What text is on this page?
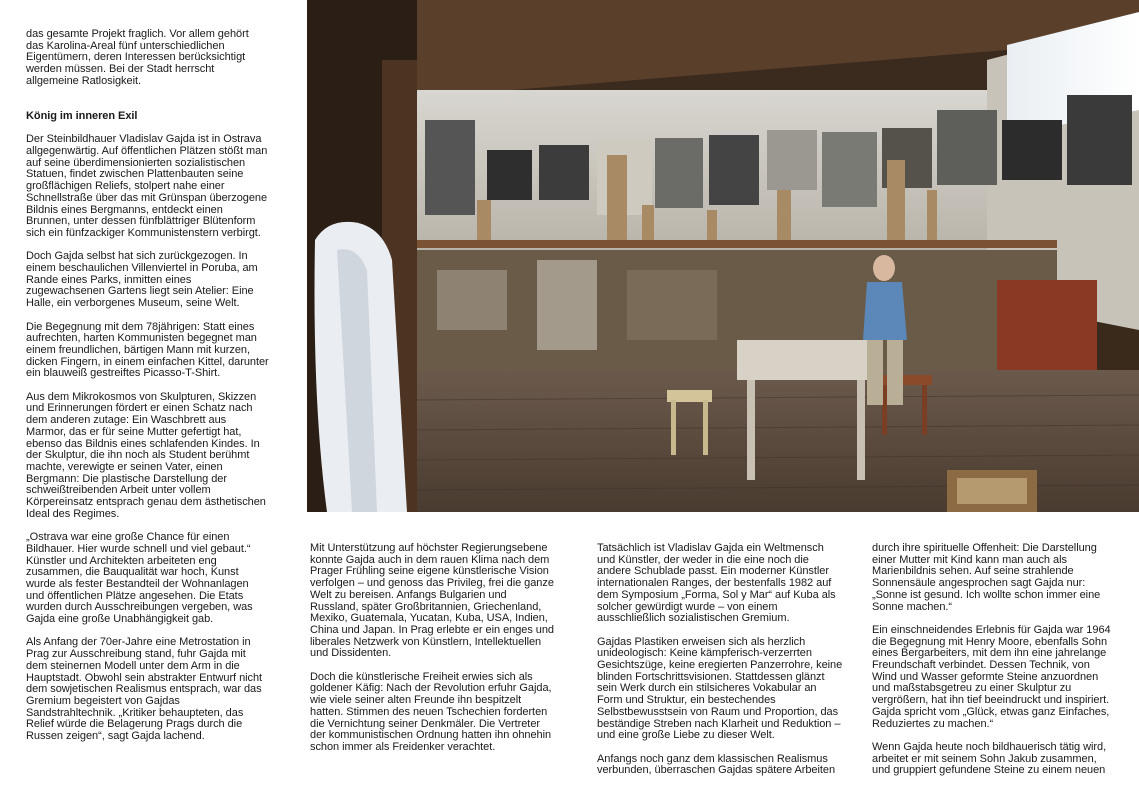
das gesamte Projekt fraglich. Vor allem gehört das Karolina-Areal fünf unterschiedlichen Eigentümern, deren Interessen berücksichtigt werden müssen. Bei der Stadt herrscht allgemeine Ratlosigkeit.

König im inneren Exil

Der Steinbildhauer Vladislav Gajda ist in Ostrava allgegenwärtig. Auf öffentlichen Plätzen stößt man auf seine überdimensionierten sozialistischen Statuen, findet zwischen Plattenbauten seine großflächigen Reliefs, stolpert nahe einer Schnellstraße über das mit Grünspan überzogene Bildnis eines Bergmanns, entdeckt einen Brunnen, unter dessen fünfblättriger Blütenform sich ein fünfzackiger Kommunistenstern verbirgt.

Doch Gajda selbst hat sich zurückgezogen. In einem beschaulichen Villenviertel in Poruba, am Rande eines Parks, inmitten eines zugewachsenen Gartens liegt sein Atelier: Eine Halle, ein verborgenes Museum, seine Welt.

Die Begegnung mit dem 78jährigen: Statt eines aufrechten, harten Kommunisten begegnet man einem freundlichen, bärtigen Mann mit kurzen, dicken Fingern, in einem einfachen Kittel, darunter ein blauweiß gestreiftes Picasso-T-Shirt.

Aus dem Mikrokosmos von Skulpturen, Skizzen und Erinnerungen fördert er einen Schatz nach dem anderen zutage: Ein Waschbrett aus Marmor, das er für seine Mutter gefertigt hat, ebenso das Bildnis eines schlafenden Kindes. In der Skulptur, die ihn noch als Student berühmt machte, verewigte er seinen Vater, einen Bergmann: Die plastische Darstellung der schweißtreibenden Arbeit unter vollem Körpereinsatz entsprach genau dem ästhetischen Ideal des Regimes.

„Ostrava war eine große Chance für einen Bildhauer. Hier wurde schnell und viel gebaut.“ Künstler und Architekten arbeiteten eng zusammen, die Bauqualität war hoch, Kunst wurde als fester Bestandteil der Wohnanlagen und öffentlichen Plätze angesehen. Die Etats wurden durch Ausschreibungen vergeben, was Gajda eine große Unabhängigkeit gab.

Als Anfang der 70er-Jahre eine Metrostation in Prag zur Ausschreibung stand, fuhr Gajda mit dem steinernen Modell unter dem Arm in die Hauptstadt. Obwohl sein abstrakter Entwurf nicht dem sowjetischen Realismus entsprach, war das Gremium begeistert von Gajdas Sandstrahltechnik. „Kritiker behaupteten, das Relief würde die Belagerung Prags durch die Russen zeigen“, sagt Gajda lachend.

Mit Unterstützung auf höchster Regierungsebene konnte Gajda auch in dem rauen Klima nach dem Prager Frühling seine eigene künstlerische Vision verfolgen – und genoss das Privileg, frei die ganze Welt zu bereisen. Anfangs Bulgarien und Russland, später Großbritannien, Griechenland, Mexiko, Guatemala, Yucatan, Kuba, USA, Indien, China und Japan. In Prag erlebte er ein enges und liberales Netzwerk von Künstlern, Intellektuellen und Dissidenten.

Doch die künstlerische Freiheit erwies sich als goldener Käfig: Nach der Revolution erfuhr Gajda, wie viele seiner alten Freunde ihn bespitzelt hatten. Stimmen des neuen Tschechien forderten die Vernichtung seiner Denkmäler. Die Vertreter der kommunistischen Ordnung hatten ihn ohnehin schon immer als Freidenker verachtet.

Tatsächlich ist Vladislav Gajda ein Weltmensch und Künstler, der weder in die eine noch die andere Schublade passt. Ein moderner Künstler internationalen Ranges, der bestenfalls 1982 auf dem Symposium „Forma, Sol y Mar“ auf Kuba als solcher gewürdigt wurde – von einem ausschließlich sozialistischen Gremium.

Gajdas Plastiken erweisen sich als herzlich unideologisch: Keine kämpferisch-verzerrten Gesichtszüge, keine eregierten Panzerrohre, keine blinden Fortschrittsvisionen. Stattdessen glänzt sein Werk durch ein stilsicheres Vokabular an Form und Struktur, ein bestechendes Selbstbewusstsein von Raum und Proportion, das beständige Streben nach Klarheit und Reduktion – und eine große Liebe zu dieser Welt.

Anfangs noch ganz dem klassischen Realismus verbunden, überraschen Gajdas spätere Arbeiten

durch ihre spirituelle Offenheit: Die Darstellung einer Mutter mit Kind kann man auch als Marienbildnis sehen. Auf seine strahlende Sonnensäule angesprochen sagt Gajda nur: „Sonne ist gesund. Ich wollte schon immer eine Sonne machen.“

Ein einschneidendes Erlebnis für Gajda war 1964 die Begegnung mit Henry Moore, ebenfalls Sohn eines Bergarbeiters, mit dem ihn eine jahrelange Freundschaft verbindet. Dessen Technik, von Wind und Wasser geformte Steine anzuordnen und maßstabsgetreu zu einer Skulptur zu vergrößern, hat ihn tief beeindruckt und inspiriert. Gajda spricht vom „Glück, etwas ganz Einfaches, Reduziertes zu machen.“

Wenn Gajda heute noch bildhauerisch tätig wird, arbeitet er mit seinem Sohn Jakub zusammen, und gruppiert gefundene Steine zu einem neuen
